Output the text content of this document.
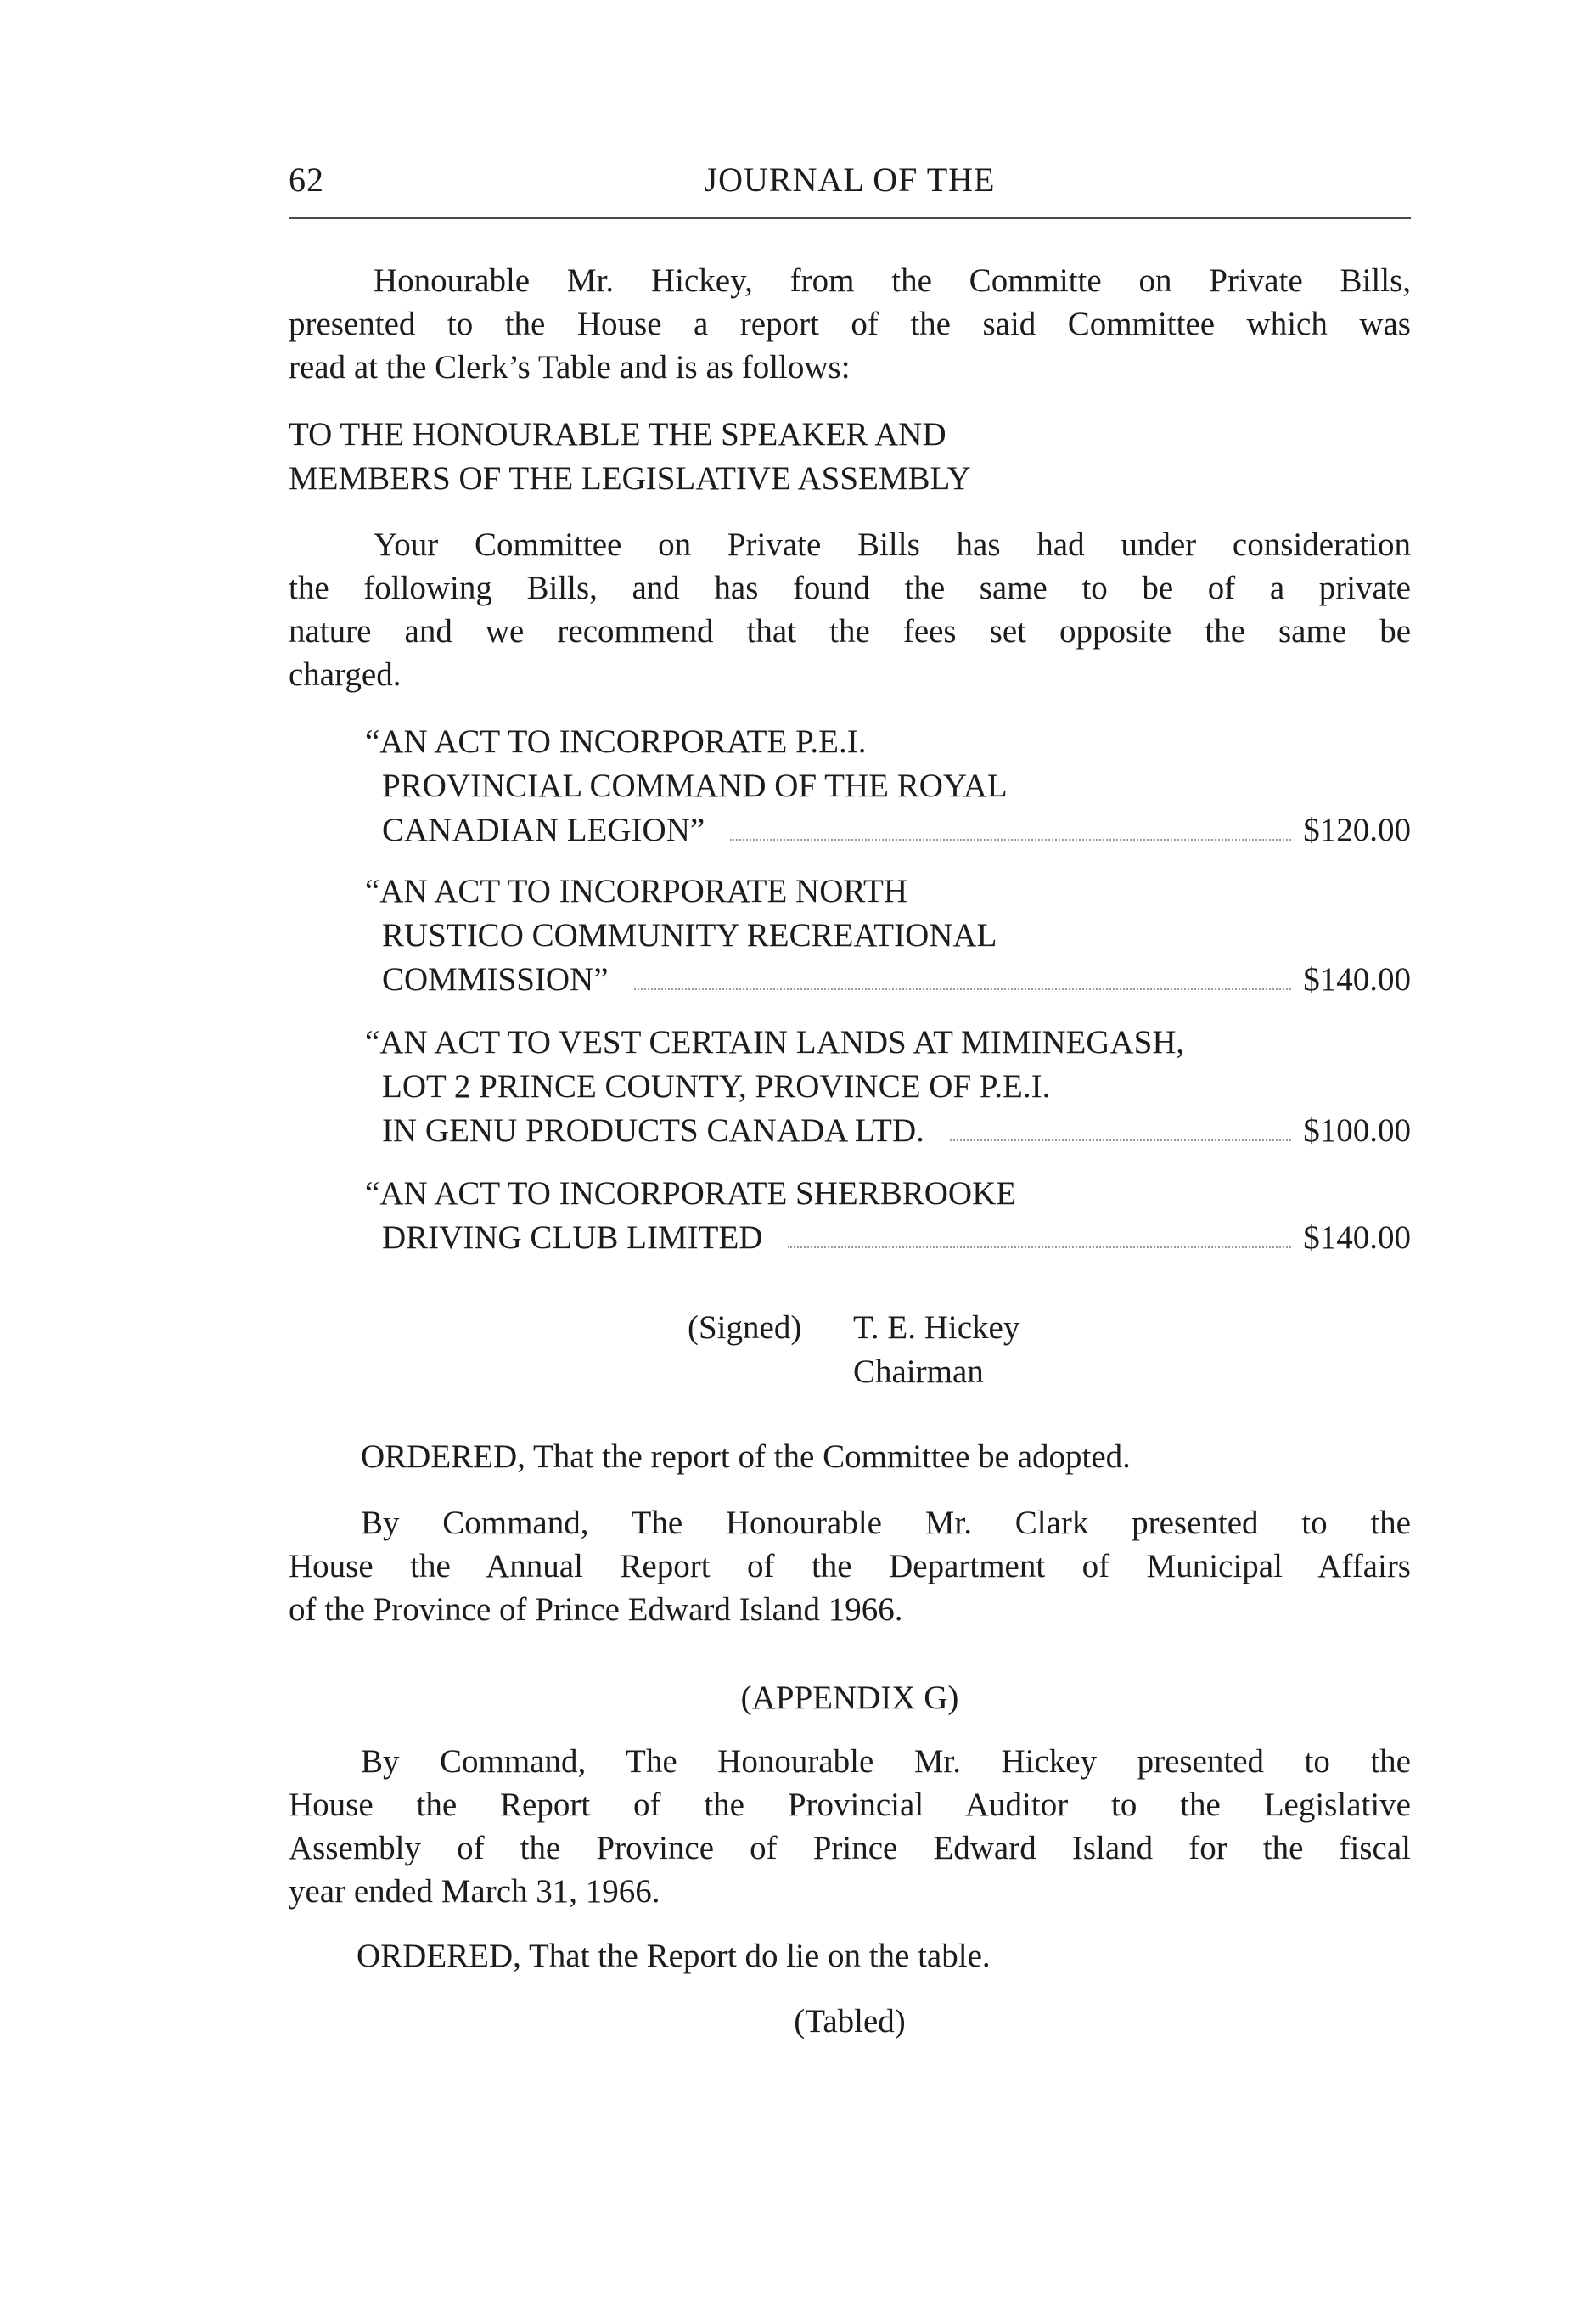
62	JOURNAL OF THE
Honourable Mr. Hickey, from the Committe on Private Bills,
presented to the House a report of the said Committee which was
read at the Clerk’s Table and is as follows:
TO THE HONOURABLE THE SPEAKER AND
MEMBERS OF THE LEGISLATIVE ASSEMBLY
Your Committee on Private Bills has had under consideration
the following Bills, and has found the same to be of a private
nature and we recommend that the fees set opposite the same be
charged.
“AN ACT TO INCORPORATE P.E.I.
PROVINCIAL COMMAND OF THE ROYAL
CANADIAN LEGION”	$120.00
“AN ACT TO INCORPORATE NORTH
RUSTICO COMMUNITY RECREATIONAL
COMMISSION”	$140.00
“AN ACT TO VEST CERTAIN LANDS AT MIMINEGASH,
LOT 2 PRINCE COUNTY, PROVINCE OF P.E.I.
IN GENU PRODUCTS CANADA LTD.	$100.00
“AN ACT TO INCORPORATE SHERBROOKE
DRIVING CLUB LIMITED	$140.00
(Signed) T. E. Hickey
Chairman
ORDERED, That the report of the Committee be adopted.
By Command, The Honourable Mr. Clark presented to the
House the Annual Report of the Department of Municipal Affairs
of the Province of Prince Edward Island 1966.
(APPENDIX G)
By Command, The Honourable Mr. Hickey presented to the
House the Report of the Provincial Auditor to the Legislative
Assembly of the Province of Prince Edward Island for the fiscal
year ended March 31, 1966.
ORDERED, That the Report do lie on the table.
(Tabled)
